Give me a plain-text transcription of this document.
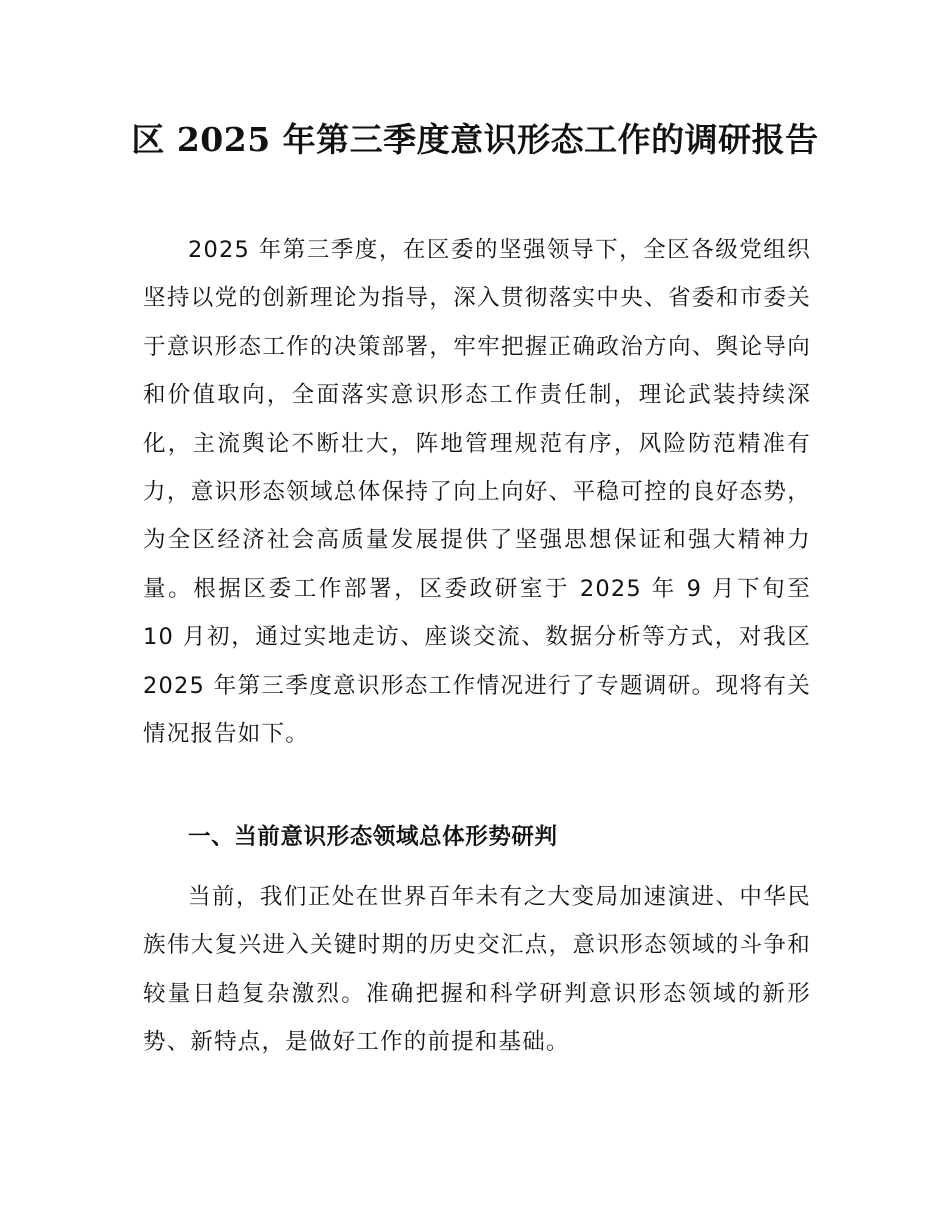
区 2025 年第三季度意识形态工作的调研报告

2025 年第三季度，在区委的坚强领导下，全区各级党组织坚持以党的创新理论为指导，深入贯彻落实中央、省委和市委关于意识形态工作的决策部署，牢牢把握正确政治方向、舆论导向和价值取向，全面落实意识形态工作责任制，理论武装持续深化，主流舆论不断壮大，阵地管理规范有序，风险防范精准有力，意识形态领域总体保持了向上向好、平稳可控的良好态势，为全区经济社会高质量发展提供了坚强思想保证和强大精神力量。根据区委工作部署，区委政研室于 2025 年 9 月下旬至 10 月初，通过实地走访、座谈交流、数据分析等方式，对我区 2025 年第三季度意识形态工作情况进行了专题调研。现将有关情况报告如下。

一、当前意识形态领域总体形势研判

当前，我们正处在世界百年未有之大变局加速演进、中华民族伟大复兴进入关键时期的历史交汇点，意识形态领域的斗争和较量日趋复杂激烈。准确把握和科学研判意识形态领域的新形势、新特点，是做好工作的前提和基础。
